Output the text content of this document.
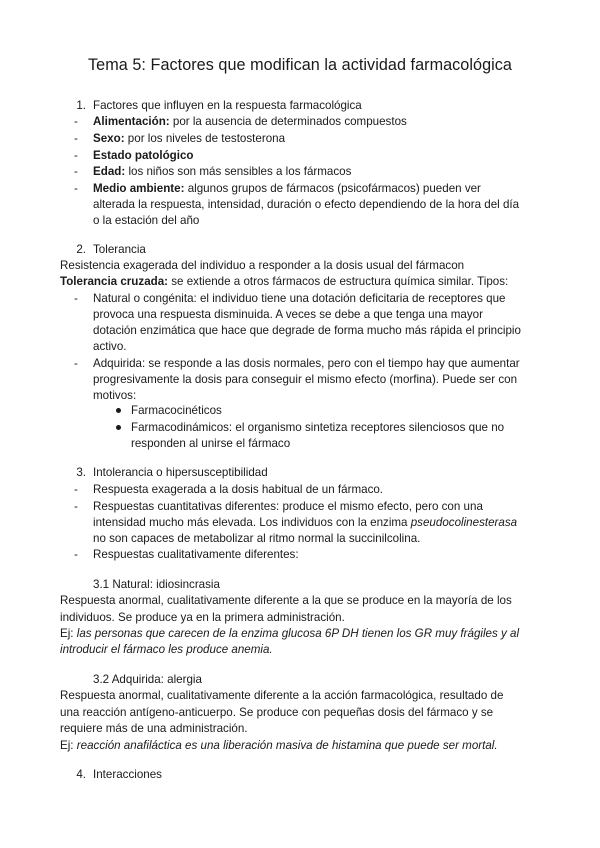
Tema 5: Factores que modifican la actividad farmacológica
1. Factores que influyen en la respuesta farmacológica
- Alimentación: por la ausencia de determinados compuestos
- Sexo: por los niveles de testosterona
- Estado patológico
- Edad: los niños son más sensibles a los fármacos
- Medio ambiente: algunos grupos de fármacos (psicofármacos) pueden ver
alterada la respuesta, intensidad, duración o efecto dependiendo de la hora del día
o la estación del año
2. Tolerancia
Resistencia exagerada del individuo a responder a la dosis usual del fármacon
Tolerancia cruzada: se extiende a otros fármacos de estructura química similar. Tipos:
- Natural o congénita: el individuo tiene una dotación deficitaria de receptores que
provoca una respuesta disminuida. A veces se debe a que tenga una mayor
dotación enzimática que hace que degrade de forma mucho más rápida el principio
activo.
- Adquirida: se responde a las dosis normales, pero con el tiempo hay que aumentar
progresivamente la dosis para conseguir el mismo efecto (morfina). Puede ser con
motivos:
Farmacocinéticos
Farmacodinámicos: el organismo sintetiza receptores silenciosos que no
responden al unirse el fármaco
3. Intolerancia o hipersusceptibilidad
- Respuesta exagerada a la dosis habitual de un fármaco.
- Respuestas cuantitativas diferentes: produce el mismo efecto, pero con una
intensidad mucho más elevada. Los individuos con la enzima pseudocolinesterasa
no son capaces de metabolizar al ritmo normal la succinilcolina.
- Respuestas cualitativamente diferentes:
3.1 Natural: idiosincrasia
Respuesta anormal, cualitativamente diferente a la que se produce en la mayoría de los
individuos. Se produce ya en la primera administración.
Ej: las personas que carecen de la enzima glucosa 6P DH tienen los GR muy frágiles y al
introducir el fármaco les produce anemia.
3.2 Adquirida: alergia
Respuesta anormal, cualitativamente diferente a la acción farmacológica, resultado de
una reacción antígeno-anticuerpo. Se produce con pequeñas dosis del fármaco y se
requiere más de una administración.
Ej: reacción anafiláctica es una liberación masiva de histamina que puede ser mortal.
4. Interacciones
